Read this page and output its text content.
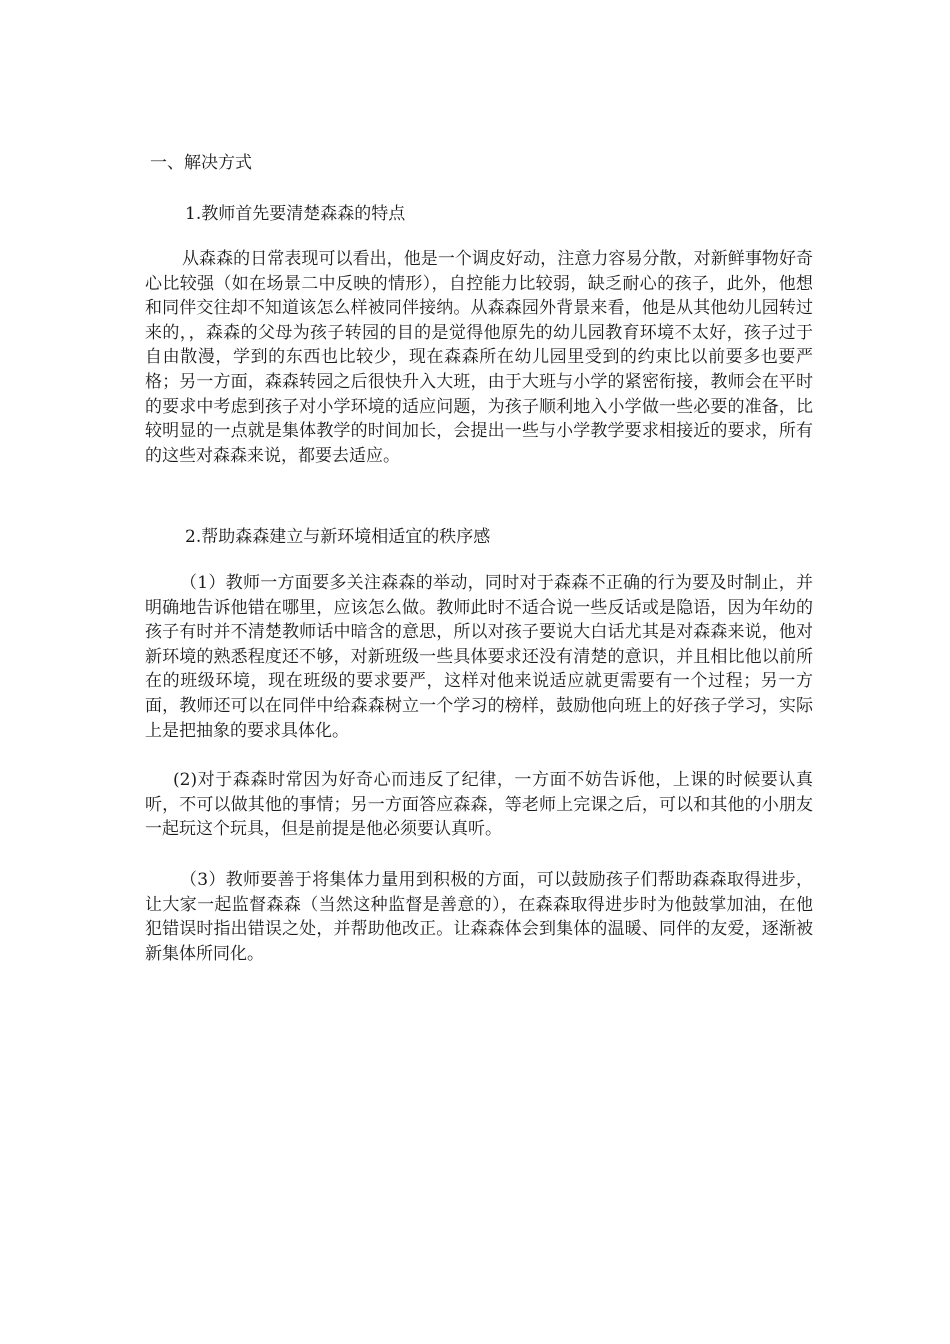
一、解决方式
1.教师首先要清楚森森的特点

从森森的日常表现可以看出，他是一个调皮好动，注意力容易分散，对新鲜事物好奇心比较强（如在场景二中反映的情形），自控能力比较弱，缺乏耐心的孩子，此外，他想和同伴交往却不知道该怎么样被同伴接纳。从森森园外背景来看，他是从其他幼儿园转过来的，，森森的父母为孩子转园的目的是觉得他原先的幼儿园教育环境不太好，孩子过于自由散漫，学到的东西也比较少，现在森森所在幼儿园里受到的约束比以前要多也要严格；另一方面，森森转园之后很快升入大班，由于大班与小学的紧密衔接，教师会在平时的要求中考虑到孩子对小学环境的适应问题，为孩子顺利地入小学做一些必要的准备，比较明显的一点就是集体教学的时间加长，会提出一些与小学教学要求相接近的要求，所有的这些对森森来说，都要去适应。

2.帮助森森建立与新环境相适宜的秩序感

（1）教师一方面要多关注森森的举动，同时对于森森不正确的行为要及时制止，并明确地告诉他错在哪里，应该怎么做。教师此时不适合说一些反话或是隐语，因为年幼的孩子有时并不清楚教师话中暗含的意思，所以对孩子要说大白话尤其是对森森来说，他对新环境的熟悉程度还不够，对新班级一些具体要求还没有清楚的意识，并且相比他以前所在的班级环境，现在班级的要求要严，这样对他来说适应就更需要有一个过程；另一方面，教师还可以在同伴中给森森树立一个学习的榜样，鼓励他向班上的好孩子学习，实际上是把抽象的要求具体化。

(2)对于森森时常因为好奇心而违反了纪律，一方面不妨告诉他，上课的时候要认真听，不可以做其他的事情；另一方面答应森森，等老师上完课之后，可以和其他的小朋友一起玩这个玩具，但是前提是他必须要认真听。

（3）教师要善于将集体力量用到积极的方面，可以鼓励孩子们帮助森森取得进步，让大家一起监督森森（当然这种监督是善意的），在森森取得进步时为他鼓掌加油，在他犯错误时指出错误之处，并帮助他改正。让森森体会到集体的温暖、同伴的友爱，逐渐被新集体所同化。
